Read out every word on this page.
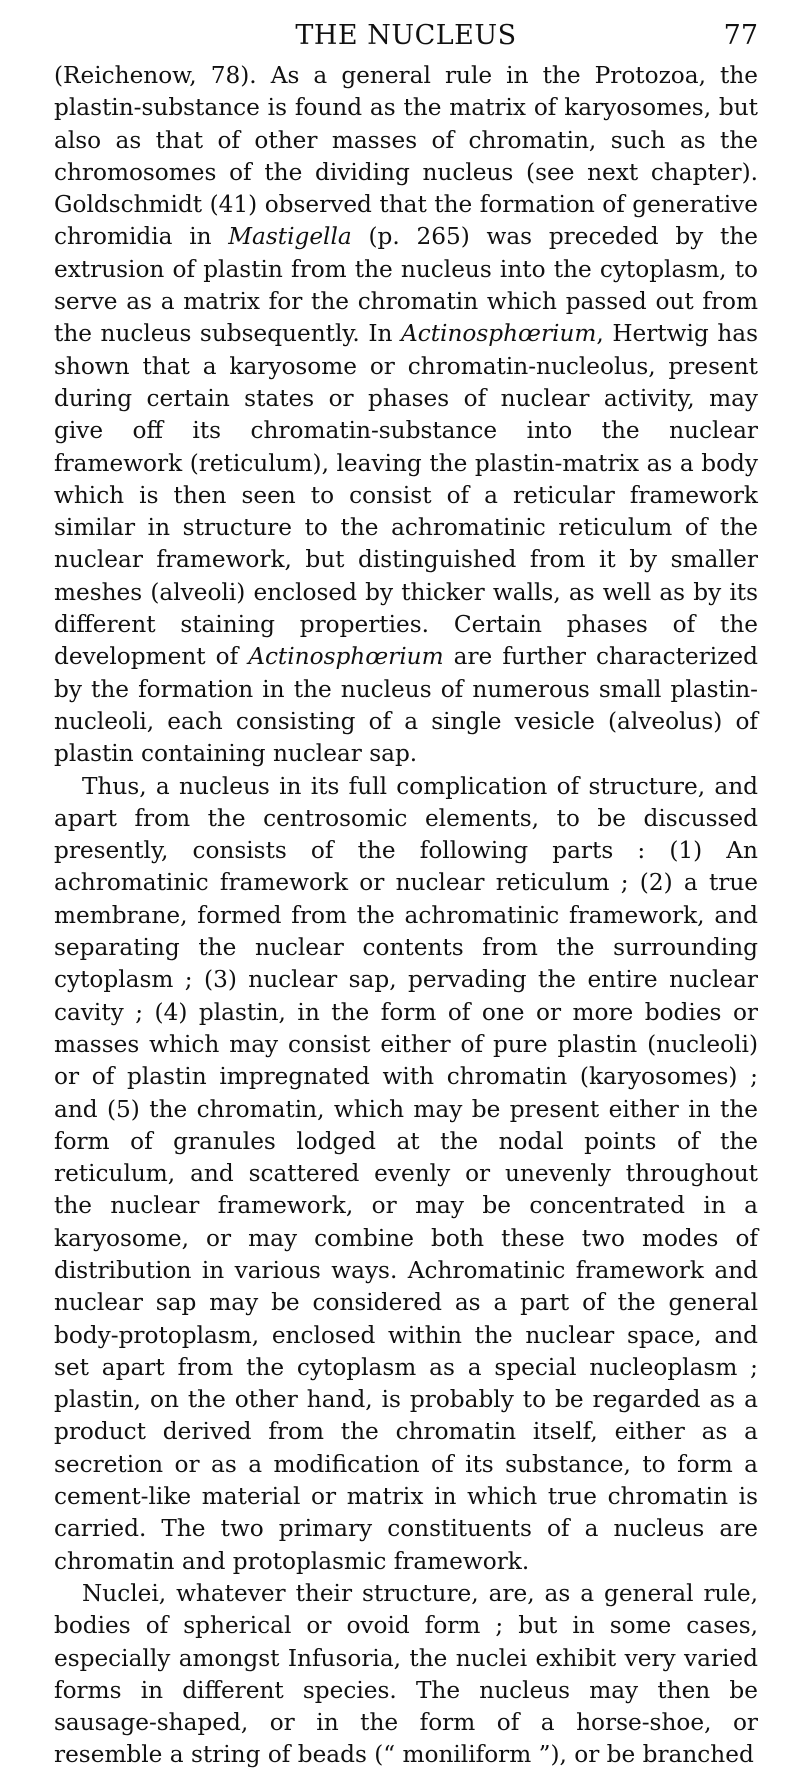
THE NUCLEUS	77

(Reichenow, 78). As a general rule in the Protozoa, the plastin-substance is found as the matrix of karyosomes, but also as that of other masses of chromatin, such as the chromosomes of the dividing nucleus (see next chapter). Goldschmidt (41) observed that the formation of generative chromidia in Mastigella (p. 265) was preceded by the extrusion of plastin from the nucleus into the cytoplasm, to serve as a matrix for the chromatin which passed out from the nucleus subsequently. In Actinosphœrium, Hertwig has shown that a karyosome or chromatin-nucleolus, present during certain states or phases of nuclear activity, may give off its chromatin-substance into the nuclear framework (reticulum), leaving the plastin-matrix as a body which is then seen to consist of a reticular framework similar in structure to the achromatinic reticulum of the nuclear framework, but distinguished from it by smaller meshes (alveoli) enclosed by thicker walls, as well as by its different staining properties. Certain phases of the development of Actinosphœrium are further characterized by the formation in the nucleus of numerous small plastin-nucleoli, each consisting of a single vesicle (alveolus) of plastin containing nuclear sap.

Thus, a nucleus in its full complication of structure, and apart from the centrosomic elements, to be discussed presently, consists of the following parts : (1) An achromatinic framework or nuclear reticulum ; (2) a true membrane, formed from the achromatinic framework, and separating the nuclear contents from the surrounding cytoplasm ; (3) nuclear sap, pervading the entire nuclear cavity ; (4) plastin, in the form of one or more bodies or masses which may consist either of pure plastin (nucleoli) or of plastin impregnated with chromatin (karyosomes) ; and (5) the chromatin, which may be present either in the form of granules lodged at the nodal points of the reticulum, and scattered evenly or unevenly throughout the nuclear framework, or may be concentrated in a karyosome, or may combine both these two modes of distribution in various ways. Achromatinic framework and nuclear sap may be considered as a part of the general body-protoplasm, enclosed within the nuclear space, and set apart from the cytoplasm as a special nucleoplasm ; plastin, on the other hand, is probably to be regarded as a product derived from the chromatin itself, either as a secretion or as a modification of its substance, to form a cement-like material or matrix in which true chromatin is carried. The two primary constituents of a nucleus are chromatin and protoplasmic framework.

Nuclei, whatever their structure, are, as a general rule, bodies of spherical or ovoid form ; but in some cases, especially amongst Infusoria, the nuclei exhibit very varied forms in different species. The nucleus may then be sausage-shaped, or in the form of a horse-shoe, or resemble a string of beads (“ moniliform ”), or be branched
